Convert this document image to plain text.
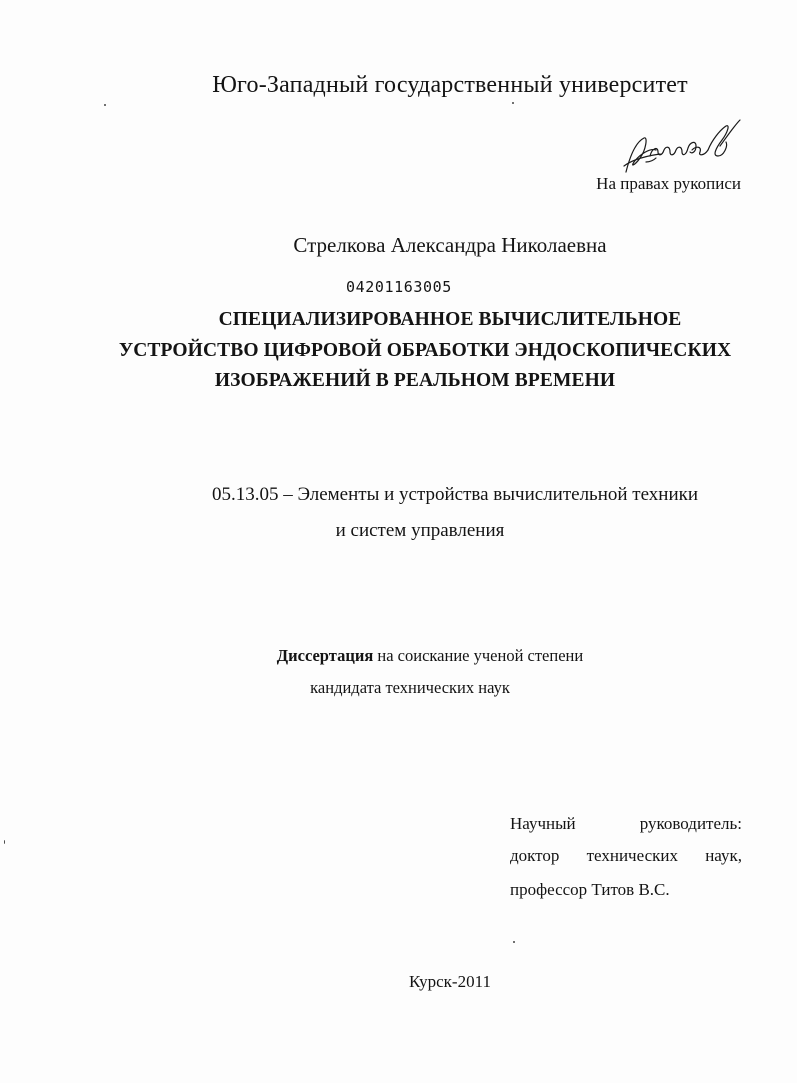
Юго-Западный государственный университет
На правах рукописи
Стрелкова Александра Николаевна
04201163005
СПЕЦИАЛИЗИРОВАННОЕ ВЫЧИСЛИТЕЛЬНОЕ
УСТРОЙСТВО ЦИФРОВОЙ ОБРАБОТКИ ЭНДОСКОПИЧЕСКИХ
ИЗОБРАЖЕНИЙ В РЕАЛЬНОМ ВРЕМЕНИ
05.13.05 – Элементы и устройства вычислительной техники
и систем управления
Диссертация на соискание ученой степени
кандидата технических наук
Научный	руководитель:
доктор технических наук,
профессор Титов В.С.
Курск-2011
